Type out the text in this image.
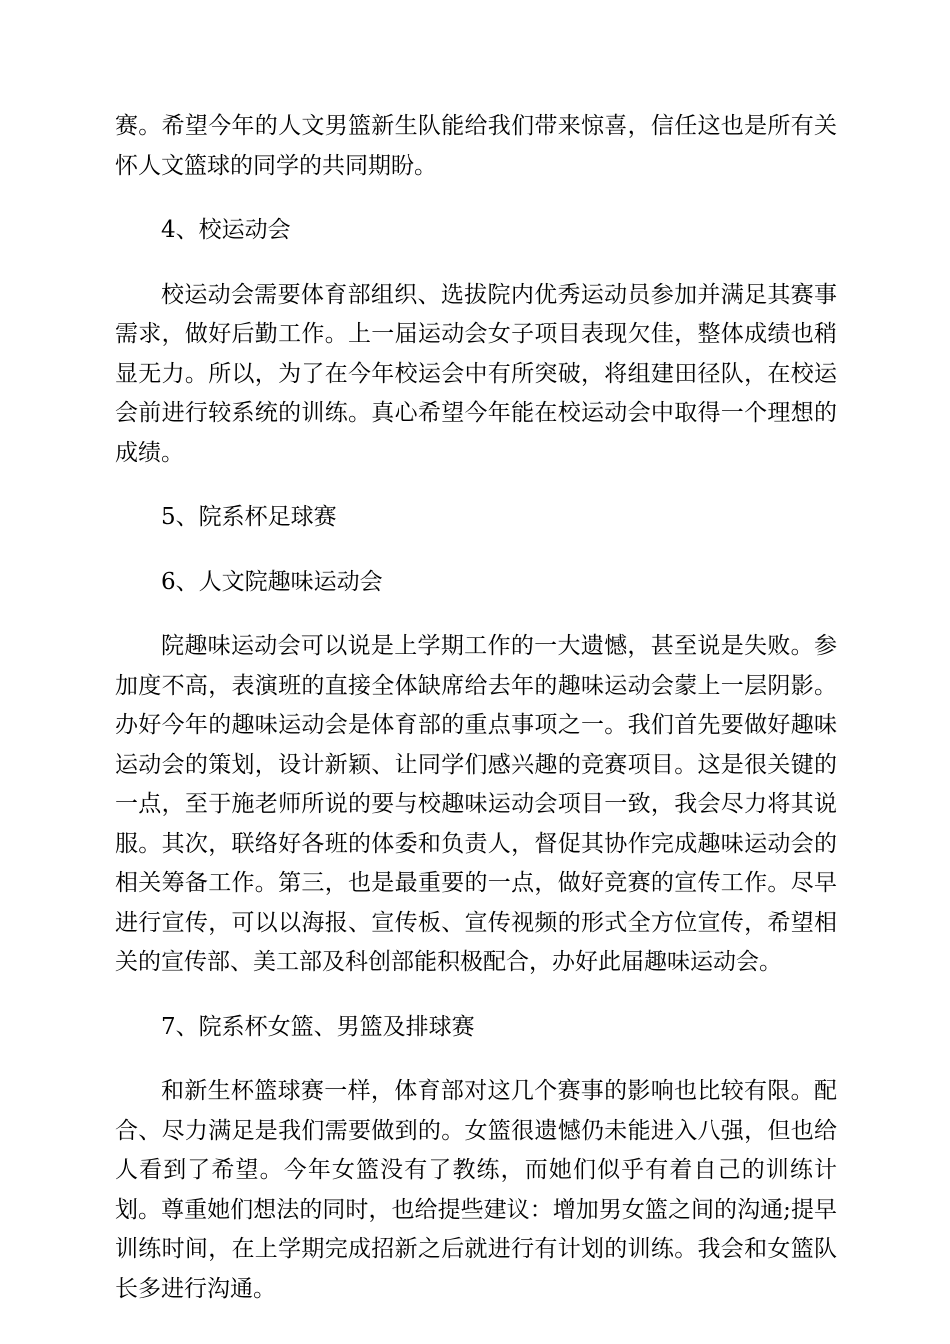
赛。希望今年的人文男篮新生队能给我们带来惊喜，信任这也是所有关怀人文篮球的同学的共同期盼。

4、校运动会

校运动会需要体育部组织、选拔院内优秀运动员参加并满足其赛事需求，做好后勤工作。上一届运动会女子项目表现欠佳，整体成绩也稍显无力。所以，为了在今年校运会中有所突破，将组建田径队，在校运会前进行较系统的训练。真心希望今年能在校运动会中取得一个理想的成绩。

5、院系杯足球赛

6、人文院趣味运动会

院趣味运动会可以说是上学期工作的一大遗憾，甚至说是失败。参加度不高，表演班的直接全体缺席给去年的趣味运动会蒙上一层阴影。办好今年的趣味运动会是体育部的重点事项之一。我们首先要做好趣味运动会的策划，设计新颖、让同学们感兴趣的竞赛项目。这是很关键的一点，至于施老师所说的要与校趣味运动会项目一致，我会尽力将其说服。其次，联络好各班的体委和负责人，督促其协作完成趣味运动会的相关筹备工作。第三，也是最重要的一点，做好竞赛的宣传工作。尽早进行宣传，可以以海报、宣传板、宣传视频的形式全方位宣传，希望相关的宣传部、美工部及科创部能积极配合，办好此届趣味运动会。

7、院系杯女篮、男篮及排球赛

和新生杯篮球赛一样，体育部对这几个赛事的影响也比较有限。配合、尽力满足是我们需要做到的。女篮很遗憾仍未能进入八强，但也给人看到了希望。今年女篮没有了教练，而她们似乎有着自己的训练计划。尊重她们想法的同时，也给提些建议：增加男女篮之间的沟通;提早训练时间，在上学期完成招新之后就进行有计划的训练。我会和女篮队长多进行沟通。
